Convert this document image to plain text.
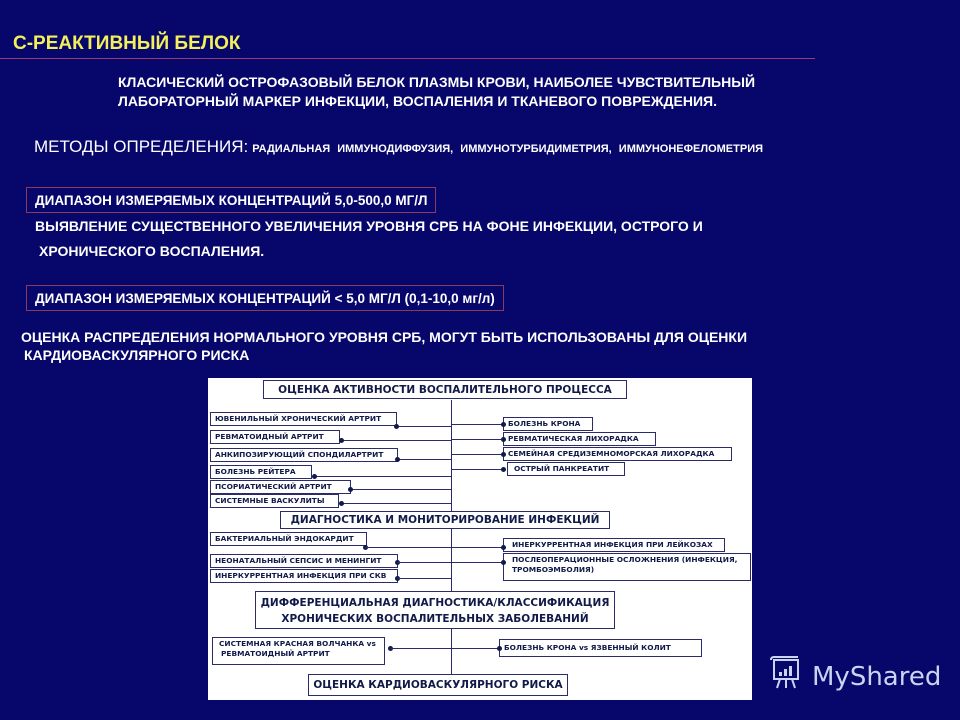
С-РЕАКТИВНЫЙ БЕЛОК
КЛАСИЧЕСКИЙ ОСТРОФАЗОВЫЙ БЕЛОК ПЛАЗМЫ КРОВИ, НАИБОЛЕЕ ЧУВСТВИТЕЛЬНЫЙ
ЛАБОРАТОРНЫЙ МАРКЕР ИНФЕКЦИИ, ВОСПАЛЕНИЯ И ТКАНЕВОГО ПОВРЕЖДЕНИЯ.
МЕТОДЫ ОПРЕДЕЛЕНИЯ: РАДИАЛЬНАЯ ИММУНОДИФФУЗИЯ, ИММУНОТУРБИДИМЕТРИЯ, ИММУНОНЕФЕЛОМЕТРИЯ
ДИАПАЗОН ИЗМЕРЯЕМЫХ КОНЦЕНТРАЦИЙ 5,0-500,0 МГ/Л
ВЫЯВЛЕНИЕ СУЩЕСТВЕННОГО УВЕЛИЧЕНИЯ УРОВНЯ СРБ НА ФОНЕ ИНФЕКЦИИ, ОСТРОГО И
ХРОНИЧЕСКОГО ВОСПАЛЕНИЯ.
ДИАПАЗОН ИЗМЕРЯЕМЫХ КОНЦЕНТРАЦИЙ < 5,0 МГ/Л (0,1-10,0 мг/л)
ОЦЕНКА РАСПРЕДЕЛЕНИЯ НОРМАЛЬНОГО УРОВНЯ СРБ, МОГУТ БЫТЬ ИСПОЛЬЗОВАНЫ ДЛЯ ОЦЕНКИ
КАРДИОВАСКУЛЯРНОГО РИСКА
ОЦЕНКА АКТИВНОСТИ ВОСПАЛИТЕЛЬНОГО ПРОЦЕССА
ЮВЕНИЛЬНЫЙ ХРОНИЧЕСКИЙ АРТРИТ
РЕВМАТОИДНЫЙ АРТРИТ
АНКИПОЗИРУЮЩИЙ СПОНДИЛАРТРИТ
БОЛЕЗНЬ РЕЙТЕРА
ПСОРИАТИЧЕСКИЙ АРТРИТ
СИСТЕМНЫЕ ВАСКУЛИТЫ
БОЛЕЗНЬ КРОНА
РЕВМАТИЧЕСКАЯ ЛИХОРАДКА
СЕМЕЙНАЯ СРЕДИЗЕМНОМОРСКАЯ ЛИХОРАДКА
ОСТРЫЙ ПАНКРЕАТИТ
ДИАГНОСТИКА И МОНИТОРИРОВАНИЕ ИНФЕКЦИЙ
БАКТЕРИАЛЬНЫЙ ЭНДОКАРДИТ
НЕОНАТАЛЬНЫЙ СЕПСИС И МЕНИНГИТ
ИНЕРКУРРЕНТНАЯ ИНФЕКЦИЯ ПРИ СКВ
ИНЕРКУРРЕНТНАЯ ИНФЕКЦИЯ ПРИ ЛЕЙКОЗАХ
ПОСЛЕОПЕРАЦИОННЫЕ ОСЛОЖНЕНИЯ (ИНФЕКЦИЯ,
ТРОМБОЭМБОЛИЯ)
ДИФФЕРЕНЦИАЛЬНАЯ ДИАГНОСТИКА/КЛАССИФИКАЦИЯ
ХРОНИЧЕСКИХ ВОСПАЛИТЕЛЬНЫХ ЗАБОЛЕВАНИЙ
СИСТЕМНАЯ КРАСНАЯ ВОЛЧАНКА vs
РЕВМАТОИДНЫЙ АРТРИТ
БОЛЕЗНЬ КРОНА vs ЯЗВЕННЫЙ КОЛИТ
ОЦЕНКА КАРДИОВАСКУЛЯРНОГО РИСКА	MyShared
